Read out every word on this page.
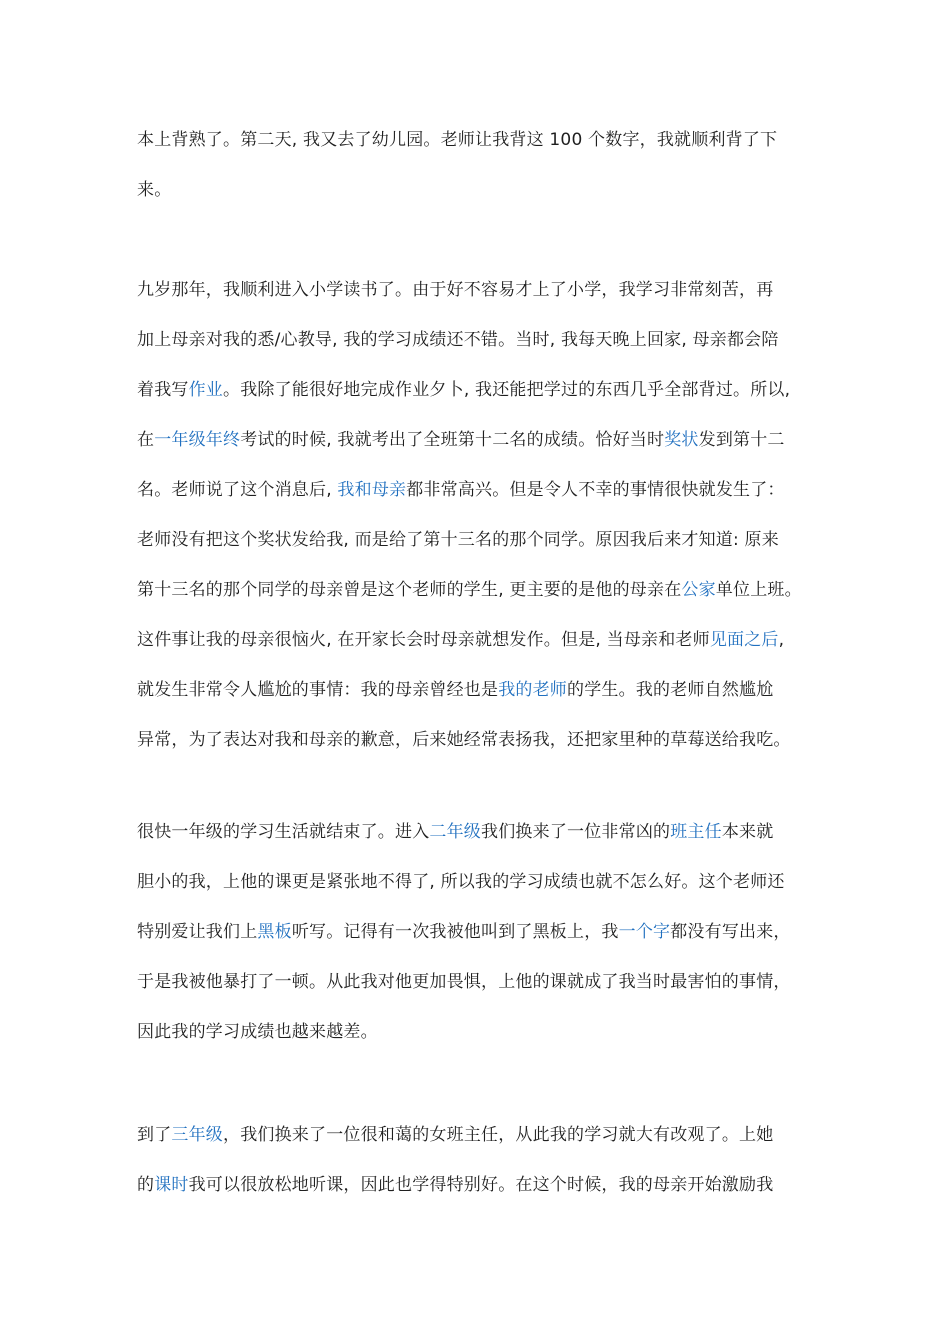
本上背熟了。第二天, 我又去了幼儿园。老师让我背这 100 个数字，我就顺利背了下
来。
九岁那年，我顺利进入小学读书了。由于好不容易才上了小学，我学习非常刻苦，再
加上母亲对我的悉/心教导, 我的学习成绩还不错。当时, 我每天晚上回家, 母亲都会陪
着我写作业。我除了能很好地完成作业夕卜, 我还能把学过的东西几乎全部背过。所以,
在一年级年终考试的时候, 我就考出了全班第十二名的成绩。恰好当时奖状发到第十二
名。老师说了这个消息后, 我和母亲都非常高兴。但是令人不幸的事情很快就发生了：
老师没有把这个奖状发给我, 而是给了第十三名的那个同学。原因我后来才知道: 原来
第十三名的那个同学的母亲曾是这个老师的学生, 更主要的是他的母亲在公家单位上班。
这件事让我的母亲很恼火, 在开家长会时母亲就想发作。但是, 当母亲和老师见面之后,
就发生非常令人尴尬的事情：我的母亲曾经也是我的老师的学生。我的老师自然尴尬
异常，为了表达对我和母亲的歉意，后来她经常表扬我，还把家里种的草莓送给我吃。
很快一年级的学习生活就结束了。进入二年级我们换来了一位非常凶的班主任本来就
胆小的我，上他的课更是紧张地不得了, 所以我的学习成绩也就不怎么好。这个老师还
特别爱让我们上黑板听写。记得有一次我被他叫到了黑板上，我一个字都没有写出来，
于是我被他暴打了一顿。从此我对他更加畏惧，上他的课就成了我当时最害怕的事情，
因此我的学习成绩也越来越差。
到了三年级，我们换来了一位很和蔼的女班主任，从此我的学习就大有改观了。上她
的课时我可以很放松地听课，因此也学得特别好。在这个时候，我的母亲开始激励我
